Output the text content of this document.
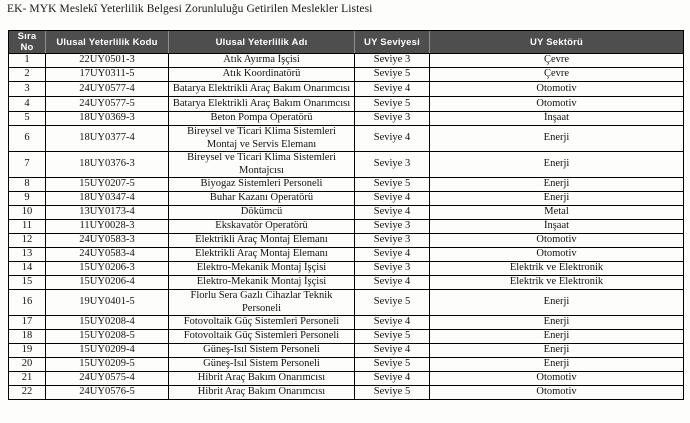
EK- MYK Meslekî Yeterlilik Belgesi Zorunluluğu Getirilen Meslekler Listesi
Sıra No	Ulusal Yeterlilik Kodu	Ulusal Yeterlilik Adı	UY Seviyesi	UY Sektörü
1	22UY0501-3	Atık Ayırma İşçisi	Seviye 3	Çevre
2	17UY0311-5	Atık Koordinatörü	Seviye 5	Çevre
3	24UY0577-4	Batarya Elektrikli Araç Bakım Onarımcısı	Seviye 4	Otomotiv
4	24UY0577-5	Batarya Elektrikli Araç Bakım Onarımcısı	Seviye 5	Otomotiv
5	18UY0369-3	Beton Pompa Operatörü	Seviye 3	İnşaat
6	18UY0377-4	Bireysel ve Ticari Klima Sistemleri Montaj ve Servis Elemanı	Seviye 4	Enerji
7	18UY0376-3	Bireysel ve Ticari Klima Sistemleri Montajcısı	Seviye 3	Enerji
8	15UY0207-5	Biyogaz Sistemleri Personeli	Seviye 5	Enerji
9	18UY0347-4	Buhar Kazanı Operatörü	Seviye 4	Enerji
10	13UY0173-4	Dökümcü	Seviye 4	Metal
11	11UY0028-3	Ekskavatör Operatörü	Seviye 3	İnşaat
12	24UY0583-3	Elektrikli Araç Montaj Elemanı	Seviye 3	Otomotiv
13	24UY0583-4	Elektrikli Araç Montaj Elemanı	Seviye 4	Otomotiv
14	15UY0206-3	Elektro-Mekanik Montaj İşçisi	Seviye 3	Elektrik ve Elektronik
15	15UY0206-4	Elektro-Mekanik Montaj İşçisi	Seviye 4	Elektrik ve Elektronik
16	19UY0401-5	Florlu Sera Gazlı Cihazlar Teknik Personeli	Seviye 5	Enerji
17	15UY0208-4	Fotovoltaik Güç Sistemleri Personeli	Seviye 4	Enerji
18	15UY0208-5	Fotovoltaik Güç Sistemleri Personeli	Seviye 5	Enerji
19	15UY0209-4	Güneş-Isıl Sistem Personeli	Seviye 4	Enerji
20	15UY0209-5	Güneş-Isıl Sistem Personeli	Seviye 5	Enerji
21	24UY0575-4	Hibrit Araç Bakım Onarımcısı	Seviye 4	Otomotiv
22	24UY0576-5	Hibrit Araç Bakım Onarımcısı	Seviye 5	Otomotiv
